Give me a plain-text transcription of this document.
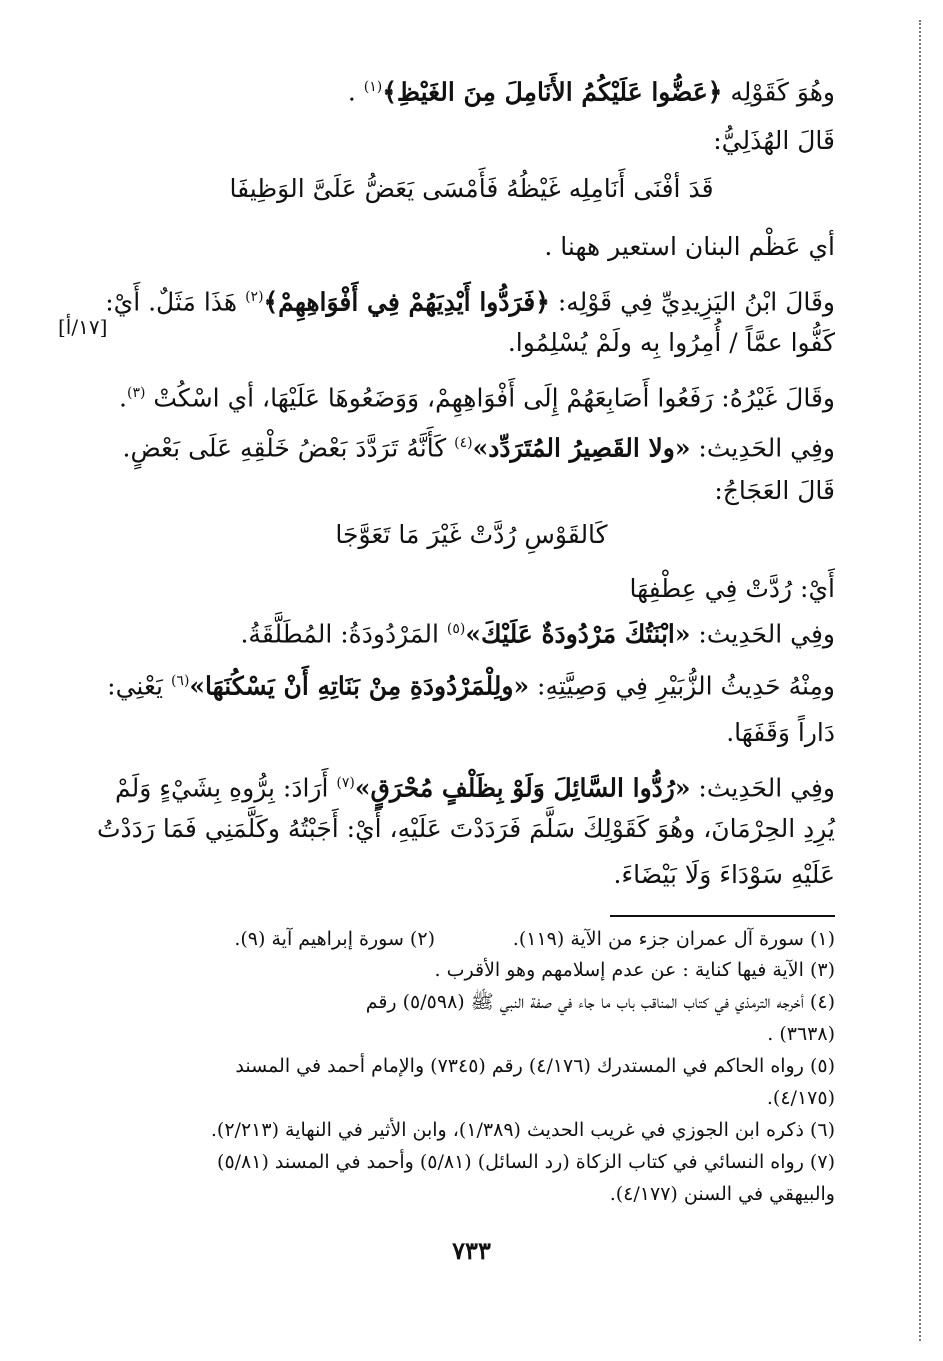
وهُوَ كَقَوْلِه ﴿عَضُّوا عَلَيْكُمُ الأَنَامِلَ مِنَ الغَيْظِ﴾$^{(١)}$ .
قَالَ الهُذَلِيُّ:
قَدَ أفْنَى أَنَامِلِه غَيْظُهُ فَأَمْسَى يَعَضُّ عَلَىَّ الوَظِيفَا
أي عَظْم البنان استعير ههنا .
وقَالَ ابْنُ اليَزِيدِيِّ فِي قَوْلِه: ﴿فَرَدُّوا أَيْدِيَهُمْ فِي أَفْوَاهِهِمْ﴾$^{(٢)}$ هَذَا مَثَلٌ. أَيْ:
[١٧/أ]
كَفُّوا عمَّاً / أُمِرُوا بِه ولَمْ يُسْلِمُوا.
وقَالَ غَيْرُهُ: رَفَعُوا أَصَابِعَهُمْ إِلَى أَفْوَاهِهِمْ، وَوَضَعُوهَا عَلَيْهَا، أي اسْكُتْ $^{(٣)}$.
وفِي الحَدِيث: «ولا القَصِيرُ المُتَرَدِّد»$^{(٤)}$ كَأَنَّهُ تَرَدَّدَ بَعْضُ خَلْقِهِ عَلَى بَعْضٍ.
قَالَ العَجَاجُ:
كَالقَوْسِ رُدَّتْ غَيْرَ مَا تَعَوَّجَا
أَيْ: رُدَّتْ فِي عِطْفِهَا
وفِي الحَدِيث: «ابْنَتُكَ مَرْدُودَةٌ عَلَيْكَ»$^{(٥)}$ المَرْدُودَةُ: المُطَلَّقَةُ.
ومِنْهُ حَدِيثُ الزُّبَيْرِ فِي وَصِيَّتِهِ: «ولِلْمَرْدُودَةِ مِنْ بَنَاتِهِ أَنْ يَسْكُنَهَا»$^{(٦)}$ يَعْنِي:
دَاراً وَقَفَهَا.
وفِي الحَدِيث: «رُدُّوا السَّائِلَ وَلَوْ بِظَلْفٍ مُحْرَقٍ»$^{(٧)}$ أَرَادَ: بِرُّوهِ بِشَيْءٍ وَلَمْ
يُرِدِ الحِرْمَانَ، وهُوَ كَقَوْلِكَ سَلَّمَ فَرَدَدْتَ عَلَيْهِ، أَيْ: أَجَبْتُهُ وكَلَّمَنِي فَمَا رَدَدْتُ
عَلَيْهِ سَوْدَاءَ وَلَا بَيْضَاءَ.
(١) سورة آل عمران جزء من الآية (١١٩).
(٢) سورة إبراهيم آية (٩).
(٣) الآية فيها كناية : عن عدم إسلامهم وهو الأقرب .
(٤) أخرجه الترمذي في كتاب المناقب باب ما جاء في صفة النبي ﷺ (٥/٥٩٨) رقم
(٣٦٣٨) .
(٥) رواه الحاكم في المستدرك (٤/١٧٦) رقم (٧٣٤٥) والإمام أحمد في المسند
(٤/١٧٥).
(٦) ذكره ابن الجوزي في غريب الحديث (١/٣٨٩)، وابن الأثير في النهاية (٢/٢١٣).
(٧) رواه النسائي في كتاب الزكاة (رد السائل) (٥/٨١) وأحمد في المسند (٥/٨١)
والبيهقي في السنن (٤/١٧٧).
٧٣٣
